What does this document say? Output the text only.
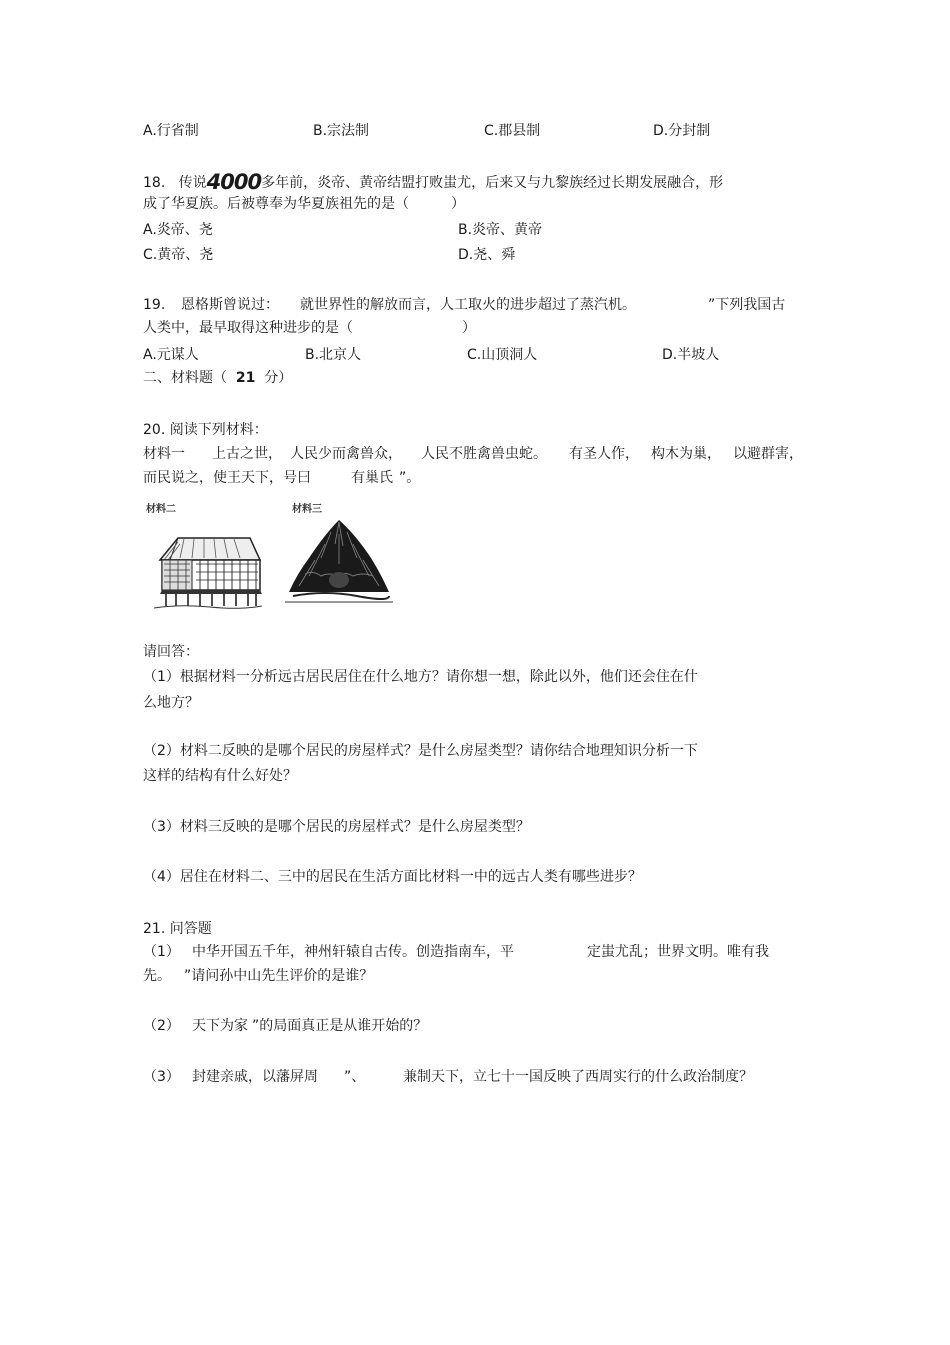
A.行省制	B.宗法制	C.郡县制	D.分封制
18. 传说4000多年前，炎帝、黄帝结盟打败蚩尤，后来又与九黎族经过长期发展融合，形
成了华夏族。后被尊奉为华夏族祖先的是（　　　）
A.炎帝、尧	B.炎帝、黄帝
C.黄帝、尧	D.尧、舜
19. 恩格斯曾说过： 就世界性的解放而言，人工取火的进步超过了蒸汽机。	”下列我国古
人类中，最早取得这种进步的是（	）
A.元谋人	B.北京人	C.山顶洞人	D.半坡人
二、材料题（ 21 分）
20. 阅读下列材料：
材料一 上古之世， 人民少而禽兽众， 人民不胜禽兽虫蛇。 有圣人作， 构木为巢， 以避群害，
而民说之，使王天下，号曰	有巢氏 ”。
材料二	材料三
请回答：
（1）根据材料一分析远古居民居住在什么地方？请你想一想，除此以外，他们还会住在什
么地方？
（2）材料二反映的是哪个居民的房屋样式？是什么房屋类型？请你结合地理知识分析一下
这样的结构有什么好处？
（3）材料三反映的是哪个居民的房屋样式？是什么房屋类型？
（4）居住在材料二、三中的居民在生活方面比材料一中的远古人类有哪些进步？
21. 问答题
（1） 中华开国五千年，神州轩辕自古传。创造指南车，平	定蚩尤乱；世界文明。唯有我
先。 ”请问孙中山先生评价的是谁？
（2） 天下为家 ”的局面真正是从谁开始的？
（3） 封建亲戚，以藩屏周 ”、	兼制天下，立七十一国反映了西周实行的什么政治制度？
